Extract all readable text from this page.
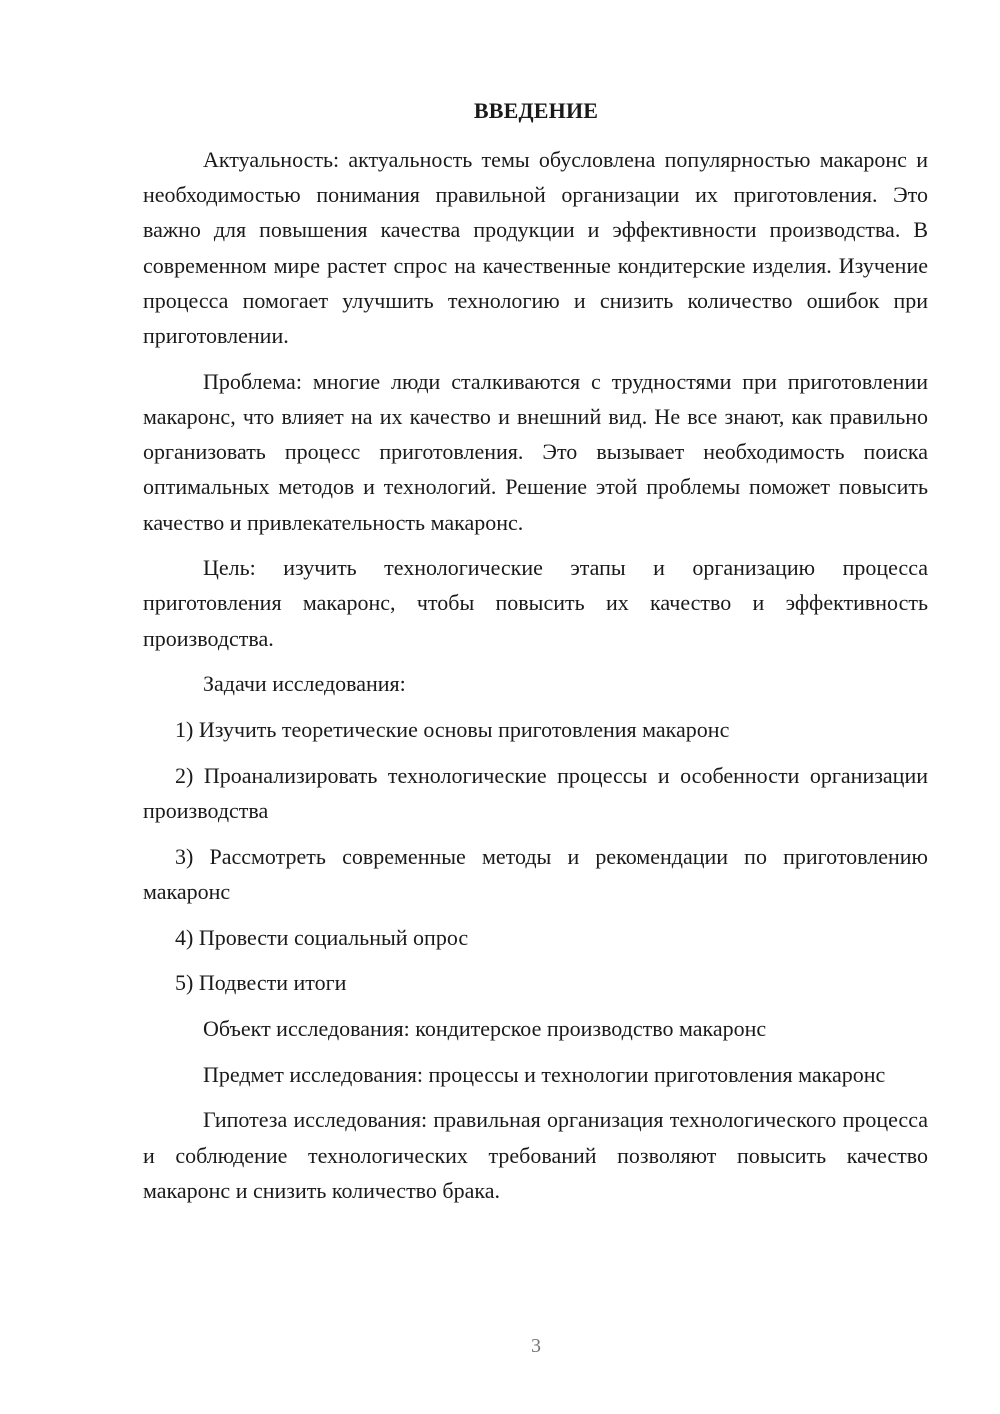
ВВЕДЕНИЕ

Актуальность: актуальность темы обусловлена популярностью макаронс и необходимостью понимания правильной организации их приготовления. Это важно для повышения качества продукции и эффективности производства. В современном мире растет спрос на качественные кондитерские изделия. Изучение процесса помогает улучшить технологию и снизить количество ошибок при приготовлении.

Проблема: многие люди сталкиваются с трудностями при приготовлении макаронс, что влияет на их качество и внешний вид. Не все знают, как правильно организовать процесс приготовления. Это вызывает необходимость поиска оптимальных методов и технологий. Решение этой проблемы поможет повысить качество и привлекательность макаронс.

Цель: изучить технологические этапы и организацию процесса приготовления макаронс, чтобы повысить их качество и эффективность производства.

Задачи исследования:

1) Изучить теоретические основы приготовления макаронс

2) Проанализировать технологические процессы и особенности организации производства

3) Рассмотреть современные методы и рекомендации по приготовлению макаронс

4) Провести социальный опрос

5) Подвести итоги

Объект исследования: кондитерское производство макаронс

Предмет исследования: процессы и технологии приготовления макаронс

Гипотеза исследования: правильная организация технологического процесса и соблюдение технологических требований позволяют повысить качество макаронс и снизить количество брака.

3
